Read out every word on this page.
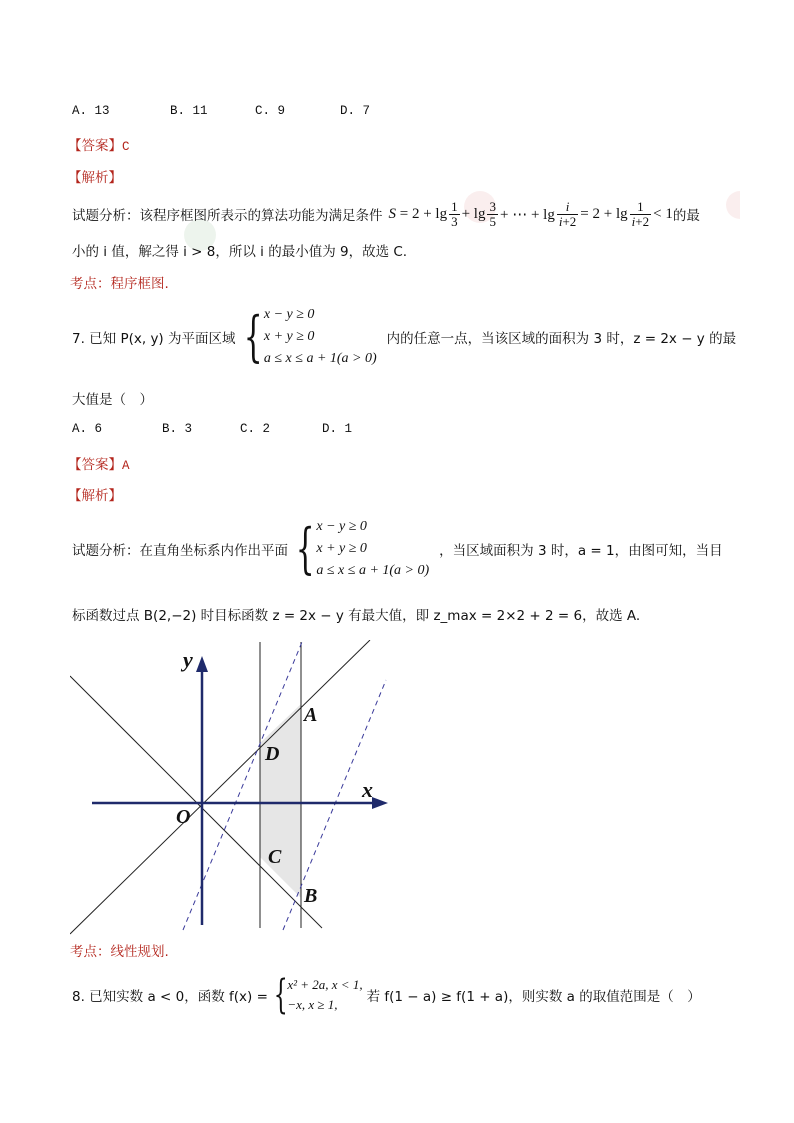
A. 13	B. 11	C. 9	D. 7
【答案】C
【解析】
试题分析：该程序框图所表示的算法功能为满足条件 $S = 2 + \lg \frac{1}{3} + \lg \frac{3}{5}$ + ⋯ + $\lg \frac{i}{i+2} = 2 + \lg \frac{1}{i+2} < 1$ 的最
小的 i 值，解之得 i > 8，所以 i 的最小值为 9，故选 C.
考点：程序框图.
7. 已知 P(x, y) 为平面区域 { x − y ≥ 0
x + y ≥ 0
a ≤ x ≤ a + 1(a > 0)
内的任意一点，当该区域的面积为 3 时，z = 2x − y 的最
大值是（　）
A. 6	B. 3	C. 2	D. 1
【答案】A
【解析】
试题分析：在直角坐标系内作出平面 { x − y ≥ 0
x + y ≥ 0
a ≤ x ≤ a + 1(a > 0)
，当区域面积为 3 时，a = 1，由图可知，当目
标函数过点 B(2,−2) 时目标函数 z = 2x − y 有最大值，即 z_max = 2×2 + 2 = 6，故选 A.
y
x
O
A
D
C
B
考点：线性规划.
8. 已知实数 a < 0，函数 f(x) = { x² + 2a, x < 1,
−x, x ≥ 1,	若 f(1 − a) ≥ f(1 + a)，则实数 a 的取值范围是（　）
